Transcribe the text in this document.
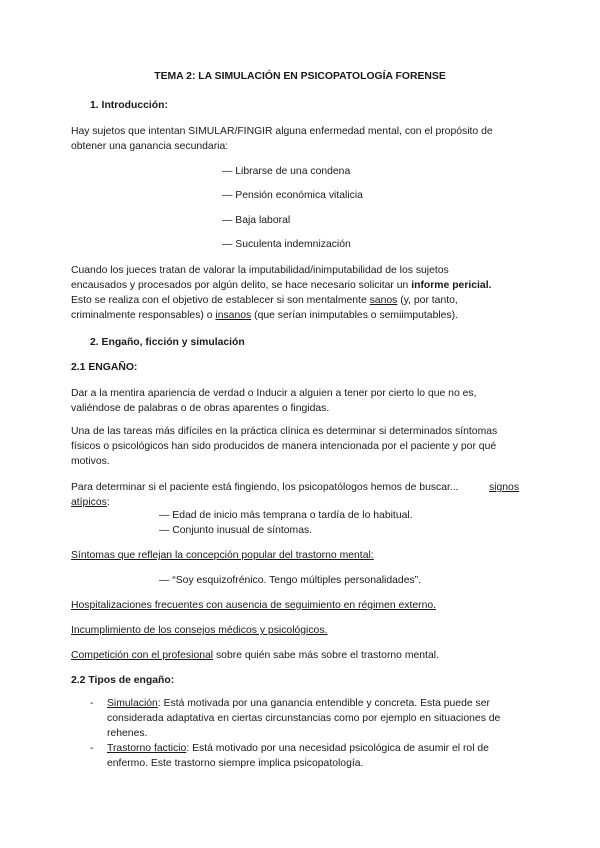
TEMA 2: LA SIMULACIÓN EN PSICOPATOLOGÍA FORENSE
1. Introducción:
Hay sujetos que intentan SIMULAR/FINGIR alguna enfermedad mental, con el propósito de
obtener una ganancia secundaria:
— Librarse de una condena
— Pensión económica vitalicia
— Baja laboral
— Suculenta indemnización
Cuando los jueces tratan de valorar la imputabilidad/inimputabilidad de los sujetos
encausados y procesados por algún delito, se hace necesario solicitar un informe pericial.
Esto se realiza con el objetivo de establecer si son mentalmente sanos (y, por tanto,
criminalmente responsables) o insanos (que serían inimputables o semiimputables).
2. Engaño, ficción y simulación
2.1 ENGAÑO:
Dar a la mentira apariencia de verdad o Inducir a alguien a tener por cierto lo que no es,
valiéndose de palabras o de obras aparentes o fingidas.
Una de las tareas más difíciles en la práctica clínica es determinar si determinados síntomas
físicos o psicológicos han sido producidos de manera intencionada por el paciente y por qué
motivos.
Para determinar si el paciente está fingiendo, los psicopatólogos hemos de buscar...	signos
atípicos:
— Edad de inicio más temprana o tardía de lo habitual.
— Conjunto inusual de síntomas.
Síntomas que reflejan la concepción popular del trastorno mental:
— “Soy esquizofrénico. Tengo múltiples personalidades”.
Hospitalizaciones frecuentes con ausencia de seguimiento en régimen externo.
Incumplimiento de los consejos médicos y psicológicos.
Competición con el profesional sobre quién sabe más sobre el trastorno mental.
2.2 Tipos de engaño:
- Simulación: Está motivada por una ganancia entendible y concreta. Esta puede ser
considerada adaptativa en ciertas circunstancias como por ejemplo en situaciones de
rehenes.
- Trastorno facticio: Está motivado por una necesidad psicológica de asumir el rol de
enfermo. Este trastorno siempre implica psicopatología.
